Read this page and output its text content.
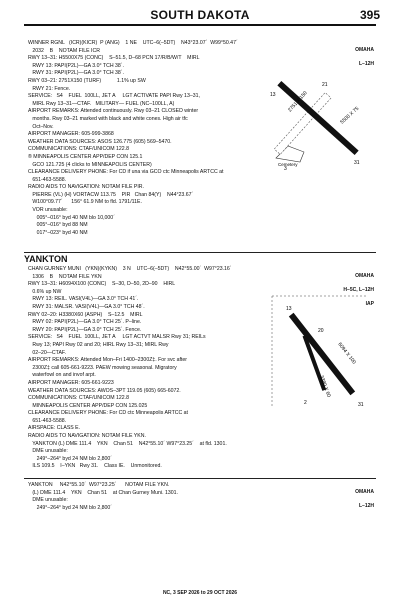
SOUTH DAKOTA	395
WINNER RGNL   (ICR)(KICR)  P (ANG)    1 NE    UTC–6(–5DT)    N43°23.07´  W99°50.47´
2032    B    NOTAM FILE ICR
RWY 13–31: H5500X75 (CONC)    S–51.5, D–68 PCN 17/R/B/W/T    MIRL
RWY 13: PAPI(P2L)—GA 3.0° TCH 38´.
RWY 31: PAPI(P2L)—GA 3.0° TCH 38´.
RWY 03–21: 2751X150 (TURF)           1.1% up SW
RWY 21: Fence.
SERVICE:   S4    FUEL  100LL, JET A     LGT ACTIVATE PAPI Rwy 13–31,
MIRL Rwy 13–31—CTAF.   MILITARY— FUEL (NC–100LL, A)
AIRPORT REMARKS: Attended continuously. Rwy 03–21 CLOSED winter
months. Rwy 03–21 marked with black and white cones. High air tfc
Oct–Nov.
AIRPORT MANAGER: 605-999-3868
WEATHER DATA SOURCES: ASOS 126.775 (605) 569–5470.
COMMUNICATIONS: CTAF/UNICOM 122.8
® MINNEAPOLIS CENTER APP/DEP CON 125.1
GCO 121.725 (4 clicks to MINNEAPOLIS CENTER)
CLEARANCE DELIVERY PHONE: For CD if una via GCO ctc Minneapolis ARTCC at
651-463-5588.
RADIO AIDS TO NAVIGATION: NOTAM FILE PIR.
PIERRE (VL) (H) VORTACW 113.75    PIR   Chan 84(Y)    N44°23.67´
W100°09.77´      156° 61.9 NM to fld. 1791/11E.
VOR unusable:
005°–016° byd 40 NM blo 10,000´
005°–016° byd 88 NM
017°–023° byd 40 NM

OMAHA

L–12H

2751 X 150
5500 X 75
13
31
21
3
Cemetery
YANKTON
CHAN GURNEY MUNI   (YKN)(KYKN)    3 N    UTC–6(–5DT)    N42°55.00´  W97°23.16´
1306    B    NOTAM FILE YKN
RWY 13–31: H6094X100 (CONC)    S–30, D–50, 2D–90    HIRL
0.6% up NW
RWY 13: REIL. VASI(V4L)—GA 3.0° TCH 41´.
RWY 31: MALSR. VASI(V4L)—GA 3.0° TCH 48´.
RWY 02–20: H3380X60 (ASPH)    S–12.5    MIRL
RWY 02: PAPI(P2L)—GA 3.0° TCH 25´. P–line.
RWY 20: PAPI(P2L)—GA 3.0° TCH 25´. Fence.
SERVICE:   S4    FUEL  100LL, JET A     LGT ACTVT MALSR Rwy 31; REILs
Rwy 13; PAPI Rwy 02 and 20; HIRL Rwy 13–31; MIRL Rwy
02–20—CTAF.
AIRPORT REMARKS: Attended Mon–Fri 1400–2300Z‡. For svc after
2300Z‡ call 605-661-9223. PAEW mowing seasonal. Migratory
waterfowl on and invof arpt.
AIRPORT MANAGER: 605-661-9223
WEATHER DATA SOURCES: AWOS–3PT 119.05 (605) 665-6072.
COMMUNICATIONS: CTAF/UNICOM 122.8
MINNEAPOLIS CENTER APP/DEP CON 125.025
CLEARANCE DELIVERY PHONE: For CD ctc Minneapolis ARTCC at
651-463-5588.
AIRSPACE: CLASS E.
RADIO AIDS TO NAVIGATION: NOTAM FILE YKN.
YANKTON (L) DME 111.4    YKN    Chan 51    N42°55.10´ W97°23.25´    at fld. 1301.
DME unusable:
249°–264° byd 24 NM blo 2,800´
ILS 109.5    I–YKN   Rwy 31.    Class IE.    Unmonitored.

OMAHA

H–5C, L–12H

IAP

6094 X 100
3380 X 60
13
31
2
20
YANKTON     N42°55.10´  W97°23.25´      NOTAM FILE YKN.
(L) DME 111.4    YKN    Chan 51    at Chan Gurney Muni. 1301.
DME unusable:
249°–264° byd 24 NM blo 2,800´

OMAHA

L–12H

NC, 3 SEP 2026 to 29 OCT 2026
